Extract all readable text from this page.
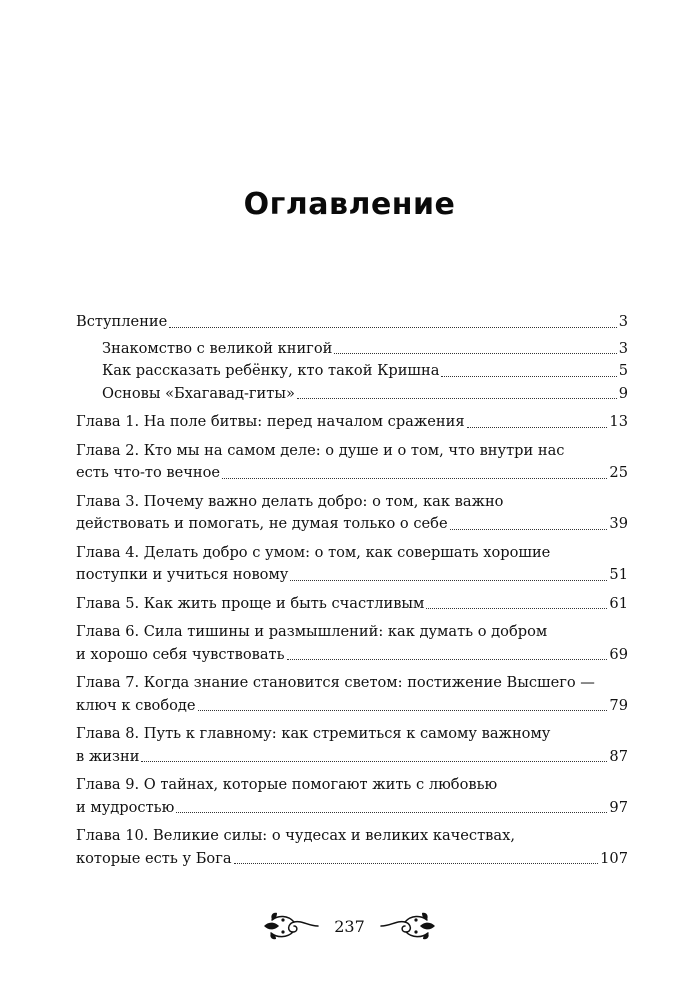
Оглавление
Вступление	3
Знакомство с великой книгой	3
Как рассказать ребёнку, кто такой Кришна	5
Основы «Бхагавад-гиты»	9
Глава 1. На поле битвы: перед началом сражения	13
Глава 2. Кто мы на самом деле: о душе и о том, что внутри нас
есть что-то вечное	25
Глава 3. Почему важно делать добро: о том, как важно
действовать и помогать, не думая только о себе	39
Глава 4. Делать добро с умом: о том, как совершать хорошие
поступки и учиться новому	51
Глава 5. Как жить проще и быть счастливым	61
Глава 6. Сила тишины и размышлений: как думать о добром
и хорошо себя чувствовать	69
Глава 7. Когда знание становится светом: постижение Высшего —
ключ к свободе	79
Глава 8. Путь к главному: как стремиться к самому важному
в жизни	87
Глава 9. О тайнах, которые помогают жить с любовью
и мудростью	97
Глава 10. Великие силы: о чудесах и великих качествах,
которые есть у Бога	107
237
